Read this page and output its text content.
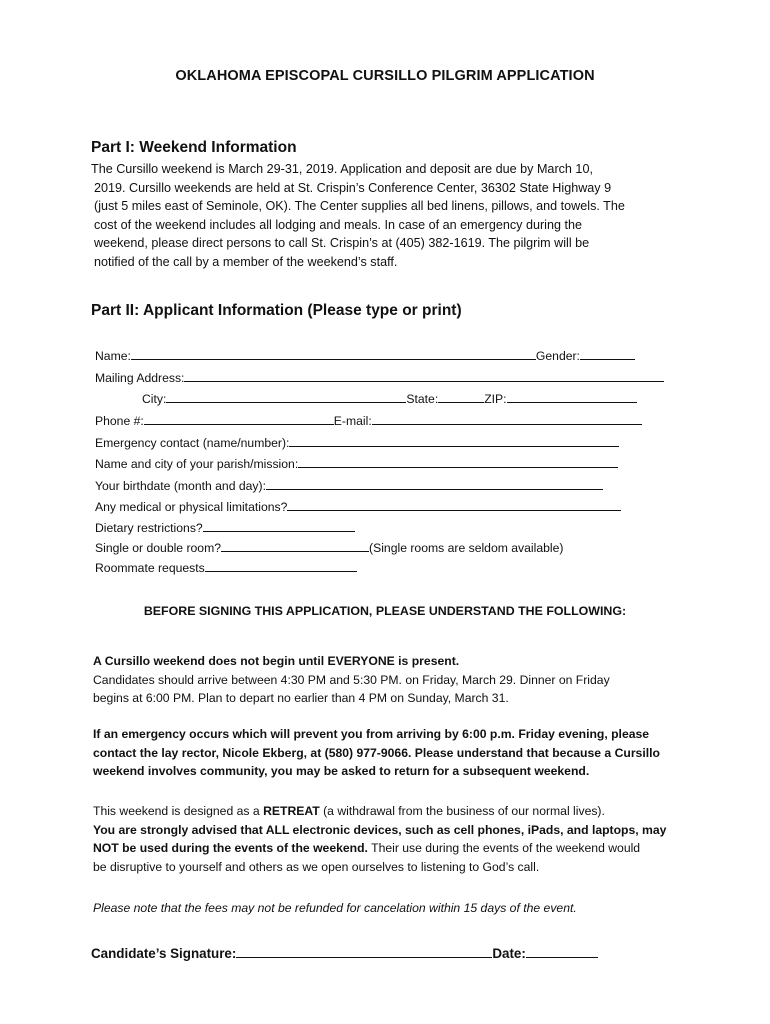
OKLAHOMA EPISCOPAL CURSILLO PILGRIM APPLICATION
Part I: Weekend Information
The Cursillo weekend is March 29-31, 2019. Application and deposit are due by March 10,
2019. Cursillo weekends are held at St. Crispin’s Conference Center, 36302 State Highway 9
(just 5 miles east of Seminole, OK). The Center supplies all bed linens, pillows, and towels. The
cost of the weekend includes all lodging and meals. In case of an emergency during the
weekend, please direct persons to call St. Crispin’s at (405) 382-1619. The pilgrim will be
notified of the call by a member of the weekend’s staff.
Part II: Applicant Information (Please type or print)
Name:	Gender:
Mailing Address:
City:	State:	ZIP:
Phone #:	E-mail:
Emergency contact (name/number):
Name and city of your parish/mission:
Your birthdate (month and day):
Any medical or physical limitations?
Dietary restrictions?
Single or double room?	(Single rooms are seldom available)
Roommate requests
BEFORE SIGNING THIS APPLICATION, PLEASE UNDERSTAND THE FOLLOWING:
A Cursillo weekend does not begin until EVERYONE is present.
Candidates should arrive between 4:30 PM and 5:30 PM. on Friday, March 29. Dinner on Friday
begins at 6:00 PM. Plan to depart no earlier than 4 PM on Sunday, March 31.
If an emergency occurs which will prevent you from arriving by 6:00 p.m. Friday evening, please
contact the lay rector, Nicole Ekberg, at (580) 977-9066. Please understand that because a Cursillo
weekend involves community, you may be asked to return for a subsequent weekend.
This weekend is designed as a RETREAT (a withdrawal from the business of our normal lives).
You are strongly advised that ALL electronic devices, such as cell phones, iPads, and laptops, may
NOT be used during the events of the weekend. Their use during the events of the weekend would
be disruptive to yourself and others as we open ourselves to listening to God’s call.
Please note that the fees may not be refunded for cancelation within 15 days of the event.
Candidate’s Signature:	Date:
